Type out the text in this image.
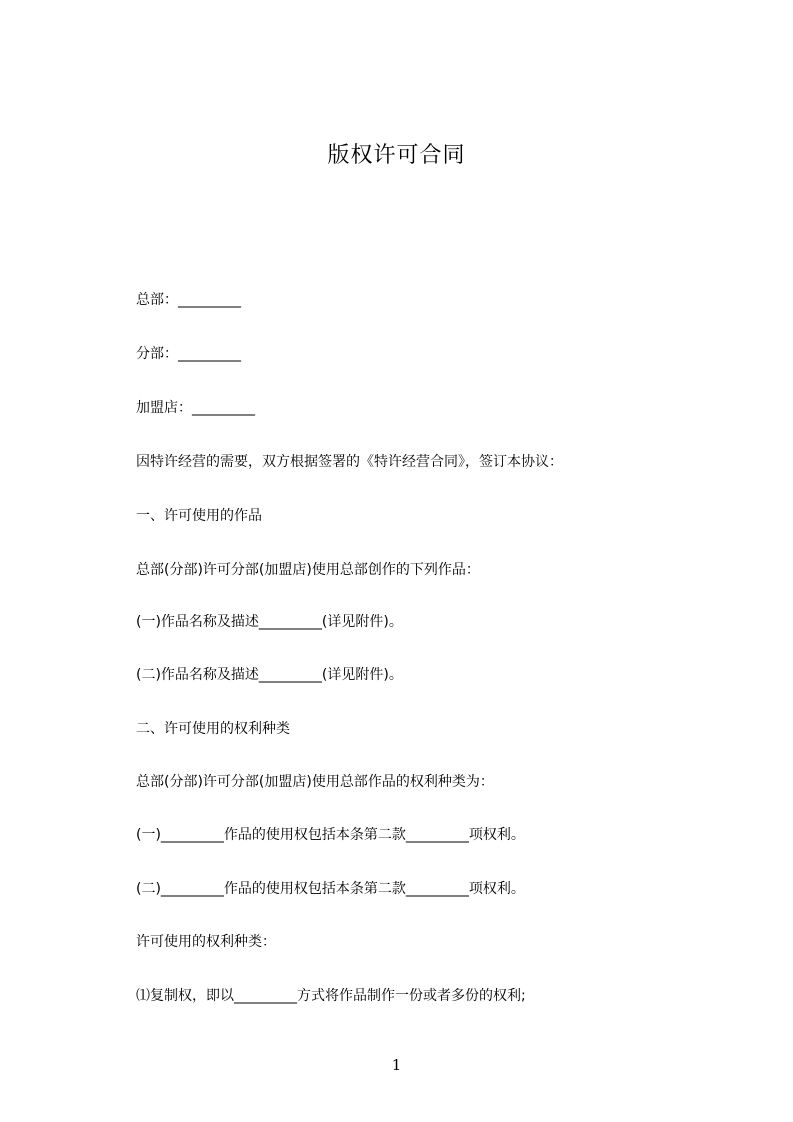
版权许可合同
总部：_________
分部：_________
加盟店：_________
因特许经营的需要，双方根据签署的《特许经营合同》，签订本协议：
一、许可使用的作品
总部(分部)许可分部(加盟店)使用总部创作的下列作品：
(一)作品名称及描述_________(详见附件)。
(二)作品名称及描述_________(详见附件)。
二、许可使用的权利种类
总部(分部)许可分部(加盟店)使用总部作品的权利种类为：
(一)_________作品的使用权包括本条第二款_________项权利。
(二)_________作品的使用权包括本条第二款_________项权利。
许可使用的权利种类：
⑴复制权，即以_________方式将作品制作一份或者多份的权利;
1
